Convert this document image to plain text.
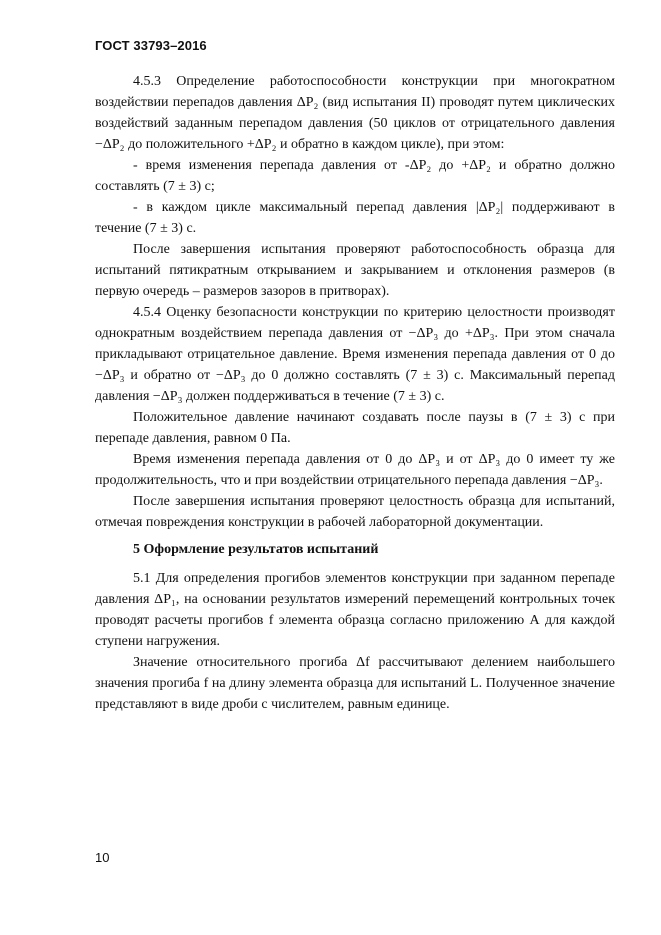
ГОСТ 33793–2016

4.5.3 Определение работоспособности конструкции при многократном воздействии перепадов давления ΔP₂ (вид испытания II) проводят путем циклических воздействий заданным перепадом давления (50 циклов от отрицательного давления −ΔP₂ до положительного +ΔP₂ и обратно в каждом цикле), при этом:

- время изменения перепада давления от -ΔP₂ до +ΔP₂ и обратно должно составлять (7 ± 3) с;

- в каждом цикле максимальный перепад давления |ΔP₂| поддерживают в течение (7 ± 3) с.

После завершения испытания проверяют работоспособность образца для испытаний пятикратным открыванием и закрыванием и отклонения размеров (в первую очередь – размеров зазоров в притворах).

4.5.4 Оценку безопасности конструкции по критерию целостности производят однократным воздействием перепада давления от −ΔP₃ до +ΔP₃. При этом сначала прикладывают отрицательное давление. Время изменения перепада давления от 0 до −ΔP₃ и обратно от −ΔP₃ до 0 должно составлять (7 ± 3) с. Максимальный перепад давления −ΔP₃ должен поддерживаться в течение (7 ± 3) с.

Положительное давление начинают создавать после паузы в (7 ± 3) с при перепаде давления, равном 0 Па.

Время изменения перепада давления от 0 до ΔP₃ и от ΔP₃ до 0 имеет ту же продолжительность, что и при воздействии отрицательного перепада давления −ΔP₃.

После завершения испытания проверяют целостность образца для испытаний, отмечая повреждения конструкции в рабочей лабораторной документации.

5 Оформление результатов испытаний

5.1 Для определения прогибов элементов конструкции при заданном перепаде давления ΔP₁, на основании результатов измерений перемещений контрольных точек проводят расчеты прогибов f элемента образца согласно приложению А для каждой ступени нагружения.

Значение относительного прогиба Δf рассчитывают делением наибольшего значения прогиба f на длину элемента образца для испытаний L. Полученное значение представляют в виде дроби с числителем, равным единице.

10
